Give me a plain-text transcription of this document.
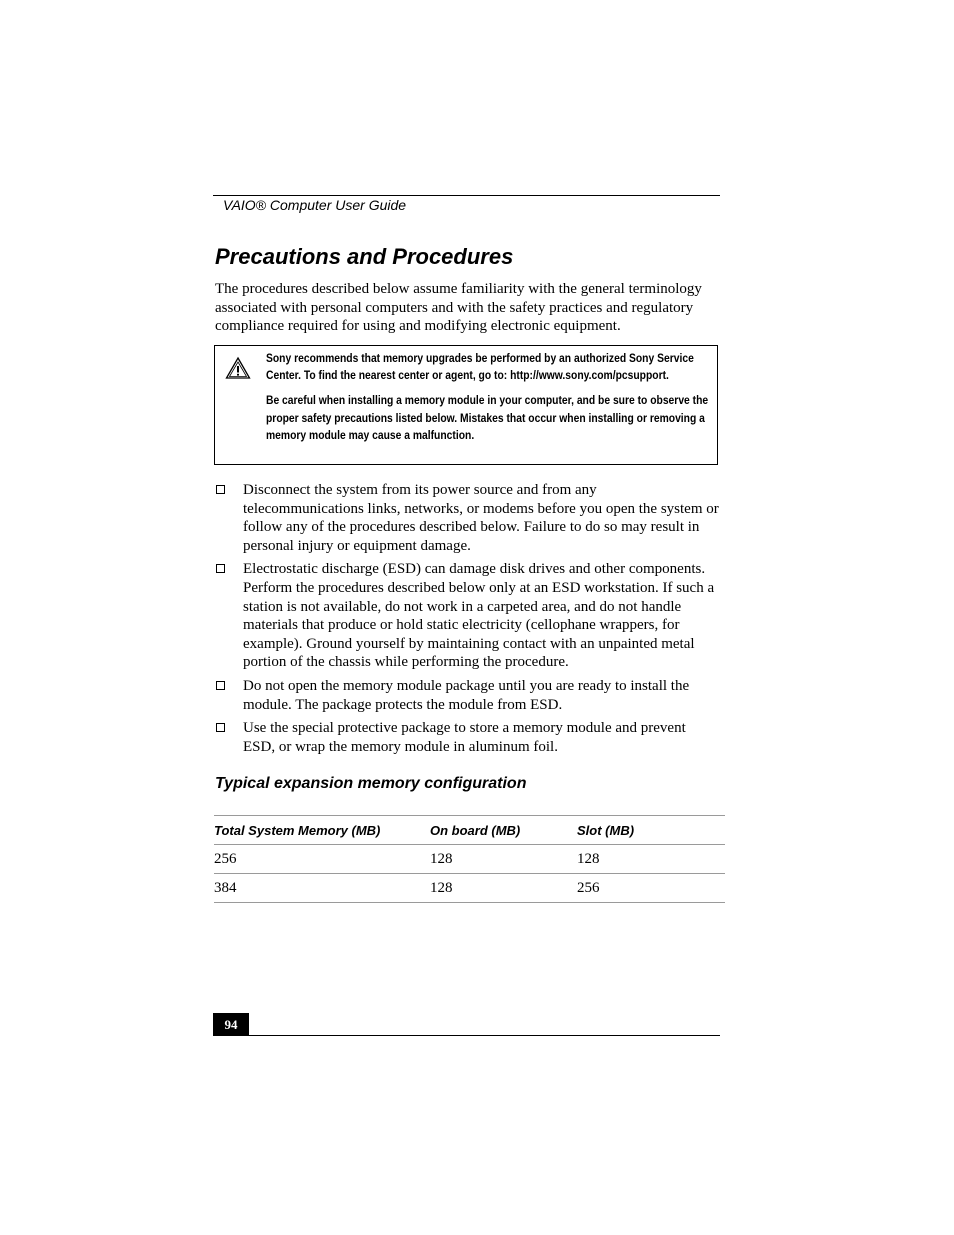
VAIO® Computer User Guide
Precautions and Procedures

The procedures described below assume familiarity with the general terminology associated with personal computers and with the safety practices and regulatory compliance required for using and modifying electronic equipment.

Sony recommends that memory upgrades be performed by an authorized Sony Service Center. To find the nearest center or agent, go to: http://www.sony.com/pcsupport.

Be careful when installing a memory module in your computer, and be sure to observe the proper safety precautions listed below. Mistakes that occur when installing or removing a memory module may cause a malfunction.

Disconnect the system from its power source and from any telecommunications links, networks, or modems before you open the system or follow any of the procedures described below. Failure to do so may result in personal injury or equipment damage.
Electrostatic discharge (ESD) can damage disk drives and other components. Perform the procedures described below only at an ESD workstation. If such a station is not available, do not work in a carpeted area, and do not handle materials that produce or hold static electricity (cellophane wrappers, for example). Ground yourself by maintaining contact with an unpainted metal portion of the chassis while performing the procedure.
Do not open the memory module package until you are ready to install the module. The package protects the module from ESD.
Use the special protective package to store a memory module and prevent ESD, or wrap the memory module in aluminum foil.
Typical expansion memory configuration
Total System Memory (MB)	On board (MB)	Slot (MB)
256	128	128
384	128	256
94
